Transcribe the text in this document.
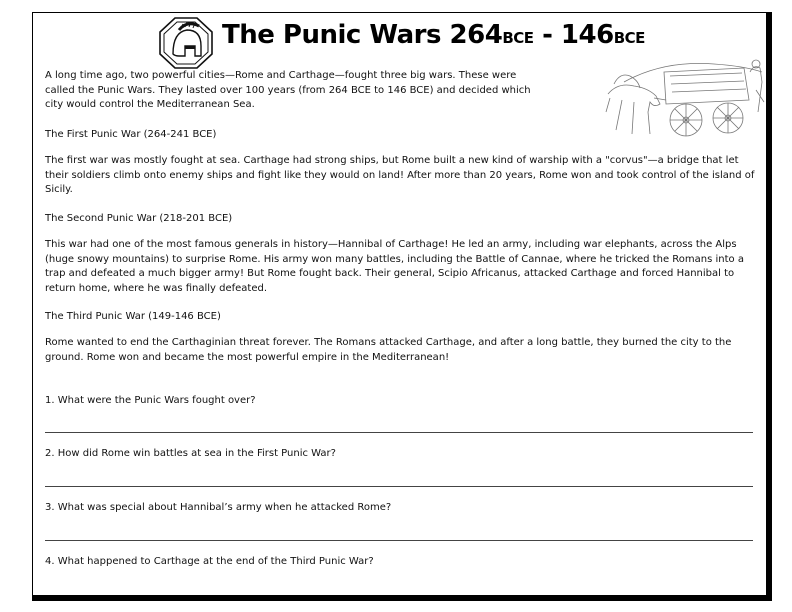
The Punic Wars 264BCE - 146BCE
A long time ago, two powerful cities—Rome and Carthage—fought three big wars. These were called the Punic Wars. They lasted over 100 years (from 264 BCE to 146 BCE) and decided which city would control the Mediterranean Sea.
The First Punic War (264-241 BCE)
The first war was mostly fought at sea. Carthage had strong ships, but Rome built a new kind of warship with a "corvus"—a bridge that let their soldiers climb onto enemy ships and fight like they would on land! After more than 20 years, Rome won and took control of the island of Sicily.
The Second Punic War (218-201 BCE)
This war had one of the most famous generals in history—Hannibal of Carthage! He led an army, including war elephants, across the Alps (huge snowy mountains) to surprise Rome. His army won many battles, including the Battle of Cannae, where he tricked the Romans into a trap and defeated a much bigger army! But Rome fought back. Their general, Scipio Africanus, attacked Carthage and forced Hannibal to return home, where he was finally defeated.
The Third Punic War (149-146 BCE)
Rome wanted to end the Carthaginian threat forever. The Romans attacked Carthage, and after a long battle, they burned the city to the ground. Rome won and became the most powerful empire in the Mediterranean!
1. What were the Punic Wars fought over?
2. How did Rome win battles at sea in the First Punic War?
3. What was special about Hannibal’s army when he attacked Rome?
4. What happened to Carthage at the end of the Third Punic War?
